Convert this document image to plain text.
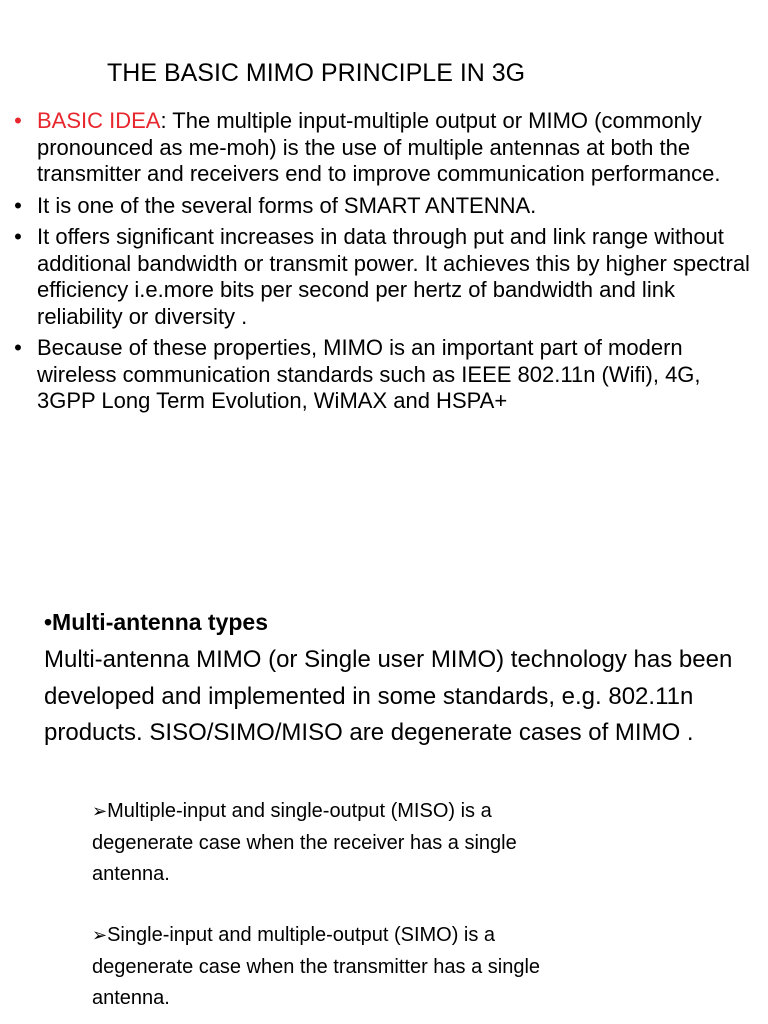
THE BASIC MIMO PRINCIPLE IN 3G
• BASIC IDEA: The multiple input-multiple output or MIMO (commonly pronounced as me-moh) is the use of multiple antennas at both the transmitter and receivers end to improve communication performance.
• It is one of the several forms of SMART ANTENNA.
• It offers significant increases in data through put and link range without additional bandwidth or transmit power. It achieves this by higher spectral efficiency i.e.more bits per second per hertz of bandwidth and link reliability or diversity .
• Because of these properties, MIMO is an important part of modern wireless communication standards such as IEEE 802.11n (Wifi), 4G, 3GPP Long Term Evolution, WiMAX and HSPA+
•Multi-antenna types
Multi-antenna MIMO (or Single user MIMO) technology has been developed and implemented in some standards, e.g. 802.11n products. SISO/SIMO/MISO are degenerate cases of MIMO .
➢Multiple-input and single-output (MISO) is a degenerate case when the receiver has a single antenna.
➢Single-input and multiple-output (SIMO) is a degenerate case when the transmitter has a single antenna.
